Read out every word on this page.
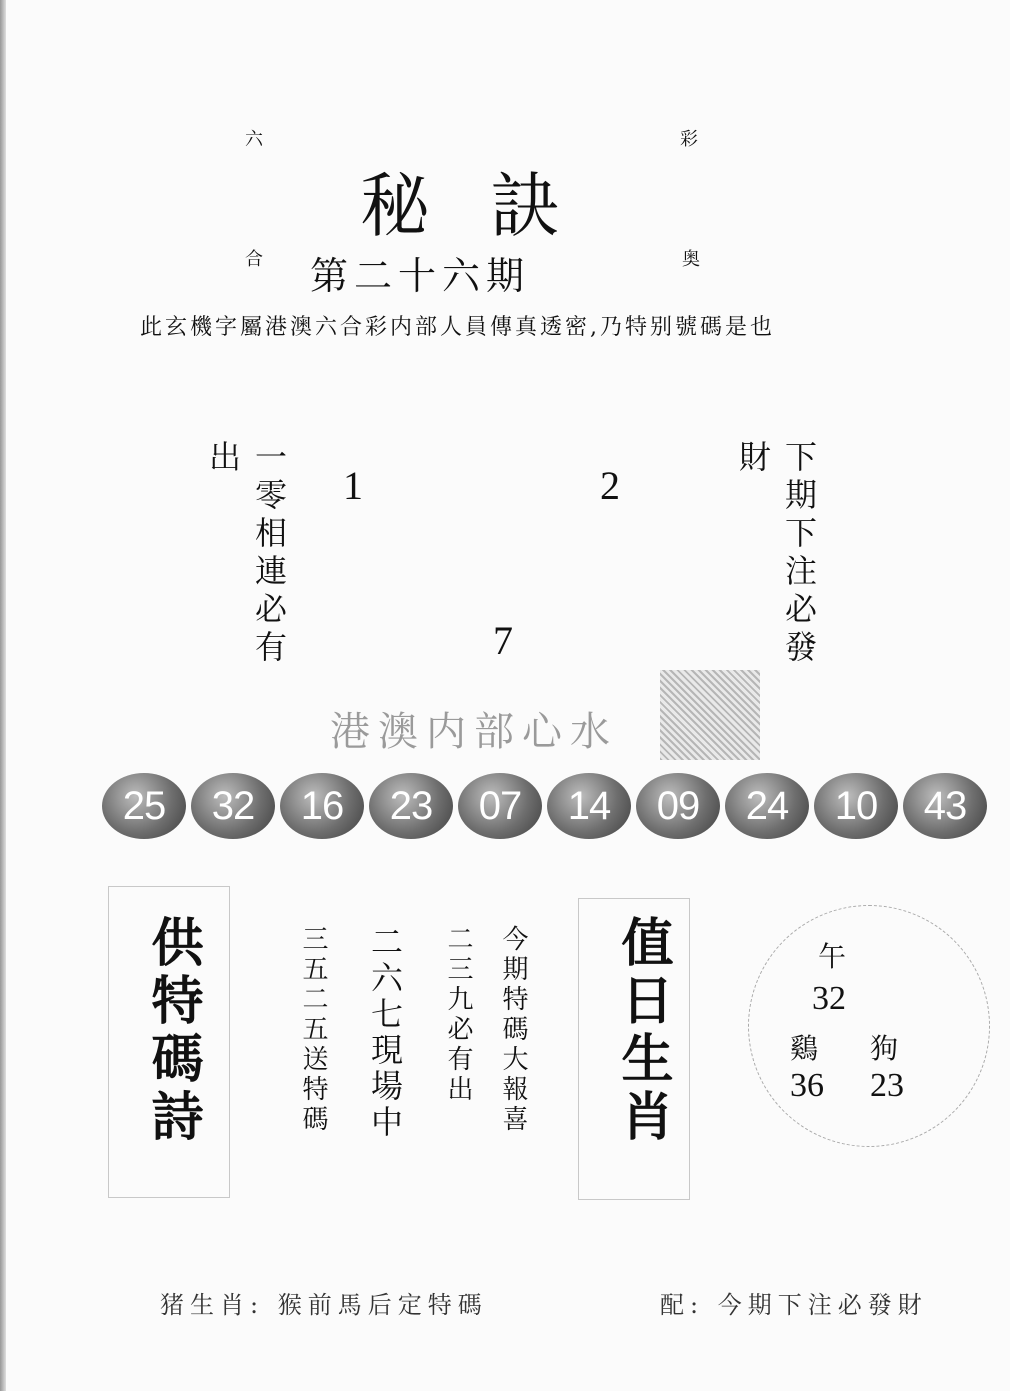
六	彩
合	奥
秘訣
第二十六期
此玄機字屬港澳六合彩内部人員傳真透密,乃特别號碼是也
一零相連必有出	下期下注必發財
1	2
7
港澳内部心水
25	32	16	23	07	14	09	24	10	43
供特碼詩	三五二五送特碼 二六七現場中 二三九必有出 今期特碼大報喜 值日生肖	午
32
鷄 狗
36 23
猪生肖: 猴前馬后定特碼	配: 今期下注必發財
